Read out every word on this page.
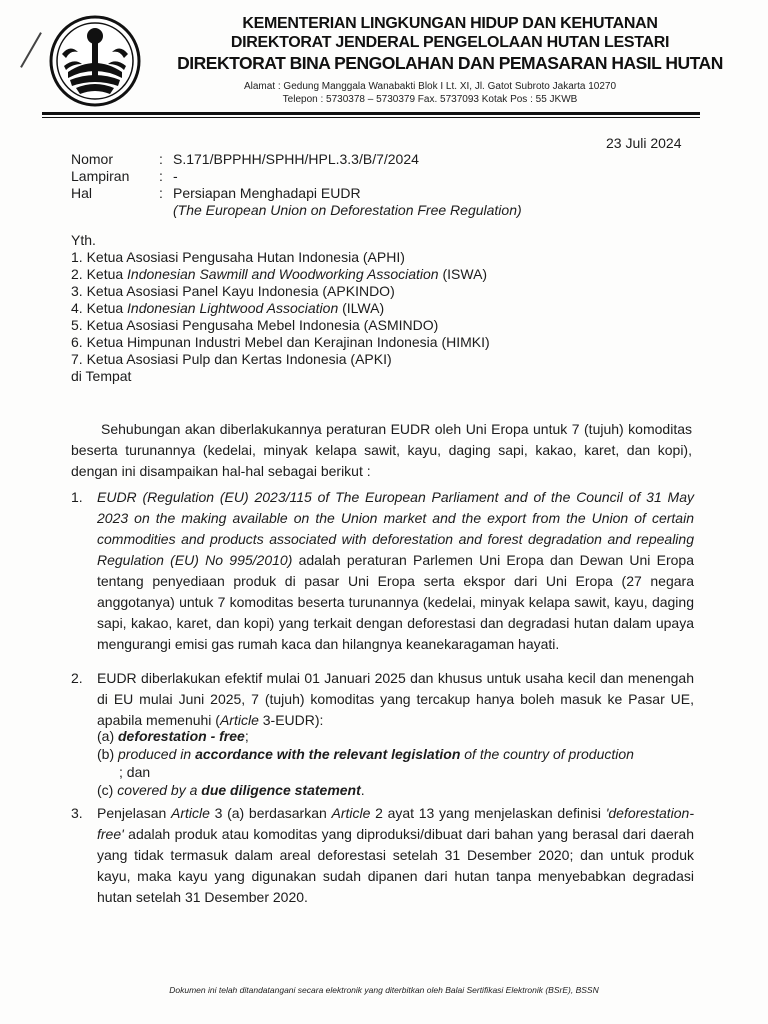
KEMENTERIAN LINGKUNGAN HIDUP DAN KEHUTANAN
DIREKTORAT JENDERAL PENGELOLAAN HUTAN LESTARI
DIREKTORAT BINA PENGOLAHAN DAN PEMASARAN HASIL HUTAN
Alamat : Gedung Manggala Wanabakti Blok I Lt. XI, Jl. Gatot Subroto Jakarta 10270
Telepon : 5730378 – 5730379 Fax. 5737093 Kotak Pos : 55 JKWB
23 Juli 2024
Nomor	: S.171/BPPHH/SPHH/HPL.3.3/B/7/2024
Lampiran	: -
Hal	: Persiapan Menghadapi EUDR
(The European Union on Deforestation Free Regulation)
Yth.
1. Ketua Asosiasi Pengusaha Hutan Indonesia (APHI)
2. Ketua Indonesian Sawmill and Woodworking Association (ISWA)
3. Ketua Asosiasi Panel Kayu Indonesia (APKINDO)
4. Ketua Indonesian Lightwood Association (ILWA)
5. Ketua Asosiasi Pengusaha Mebel Indonesia (ASMINDO)
6. Ketua Himpunan Industri Mebel dan Kerajinan Indonesia (HIMKI)
7. Ketua Asosiasi Pulp dan Kertas Indonesia (APKI)
di Tempat
Sehubungan akan diberlakukannya peraturan EUDR oleh Uni Eropa untuk 7 (tujuh) komoditas beserta turunannya (kedelai, minyak kelapa sawit, kayu, daging sapi, kakao, karet, dan kopi), dengan ini disampaikan hal-hal sebagai berikut :
1. EUDR (Regulation (EU) 2023/115 of The European Parliament and of the Council of 31 May 2023 on the making available on the Union market and the export from the Union of certain commodities and products associated with deforestation and forest degradation and repealing Regulation (EU) No 995/2010) adalah peraturan Parlemen Uni Eropa dan Dewan Uni Eropa tentang penyediaan produk di pasar Uni Eropa serta ekspor dari Uni Eropa (27 negara anggotanya) untuk 7 komoditas beserta turunannya (kedelai, minyak kelapa sawit, kayu, daging sapi, kakao, karet, dan kopi) yang terkait dengan deforestasi dan degradasi hutan dalam upaya mengurangi emisi gas rumah kaca dan hilangnya keanekaragaman hayati.
2. EUDR diberlakukan efektif mulai 01 Januari 2025 dan khusus untuk usaha kecil dan menengah di EU mulai Juni 2025, 7 (tujuh) komoditas yang tercakup hanya boleh masuk ke Pasar UE, apabila memenuhi (Article 3-EUDR):
(a) deforestation - free;
(b) produced in accordance with the relevant legislation of the country of production
; dan
(c) covered by a due diligence statement.
3. Penjelasan Article 3 (a) berdasarkan Article 2 ayat 13 yang menjelaskan definisi 'deforestation-free' adalah produk atau komoditas yang diproduksi/dibuat dari bahan yang berasal dari daerah yang tidak termasuk dalam areal deforestasi setelah 31 Desember 2020; dan untuk produk kayu, maka kayu yang digunakan sudah dipanen dari hutan tanpa menyebabkan degradasi hutan setelah 31 Desember 2020.
Dokumen ini telah ditandatangani secara elektronik yang diterbitkan oleh Balai Sertifikasi Elektronik (BSrE), BSSN
